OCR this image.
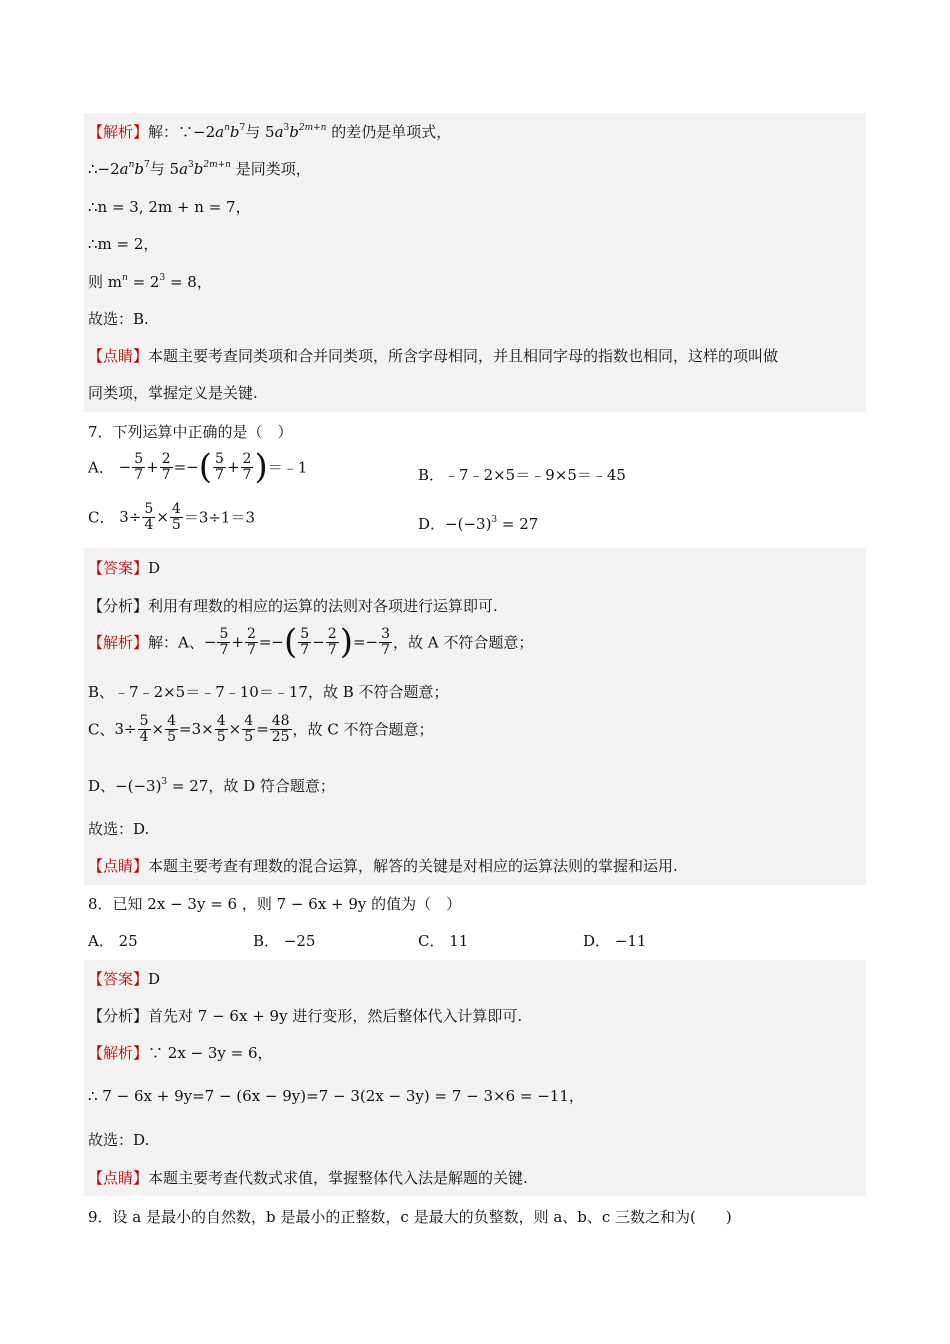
【解析】解：$\because-2a^nb^7$与 $5a^3b^{2m+n}$ 的差仍是单项式，
$\therefore-2a^nb^7$与 $5a^3b^{2m+n}$ 是同类项，
∴n = 3, 2m + n = 7，
∴m = 2，
则 $m^n = 2^3 = 8$，
故选：B.
【点睛】本题主要考查同类项和合并同类项，所含字母相同，并且相同字母的指数也相同，这样的项叫做
同类项，掌握定义是关键.
7．下列运算中正确的是（　）
A． − $\frac{5}{7} + \frac{2}{7}$ =−( $\frac{5}{7} + \frac{2}{7}$ )＝﹣1	B．﹣7﹣2×5＝﹣9×5＝﹣45
C． $3\div \frac{5}{4} \times \frac{4}{5} =3\div 1=3$	D．$-(-3)^3 = 27$
【答案】D
【分析】利用有理数的相应的运算的法则对各项进行运算即可.
【解析】解：A、− $\frac{5}{7} + \frac{2}{7}$ =−( $\frac{5}{7} - \frac{2}{7}$ )=− $\frac{3}{7}$ ，故 A 不符合题意；
B、﹣7﹣2×5＝﹣7﹣10＝﹣17，故 B 不符合题意；
C、$3\div \frac{5}{4} \times \frac{4}{5} =3\times \frac{4}{5} \times \frac{4}{5} = \frac{48}{25}$ ，故 C 不符合题意；
D、$-(-3)^3 = 27$，故 D 符合题意；
故选：D.
【点睛】本题主要考查有理数的混合运算，解答的关键是对相应的运算法则的掌握和运用.
8．已知 2x − 3y = 6 ，则 7 − 6x + 9y 的值为（　）
A． 25	B． −25	C． 11	D． −11
【答案】D
【分析】首先对 7 − 6x + 9y 进行变形，然后整体代入计算即可.
【解析】∵ 2x − 3y = 6，
∴ 7 − 6x + 9y=7 − (6x − 9y)=7 − 3(2x − 3y) = 7 − 3×6 = −11，
故选：D.
【点睛】本题主要考查代数式求值，掌握整体代入法是解题的关键.
9．设 a 是最小的自然数，b 是最小的正整数，c 是最大的负整数，则 a、b、c 三数之和为(　　)
